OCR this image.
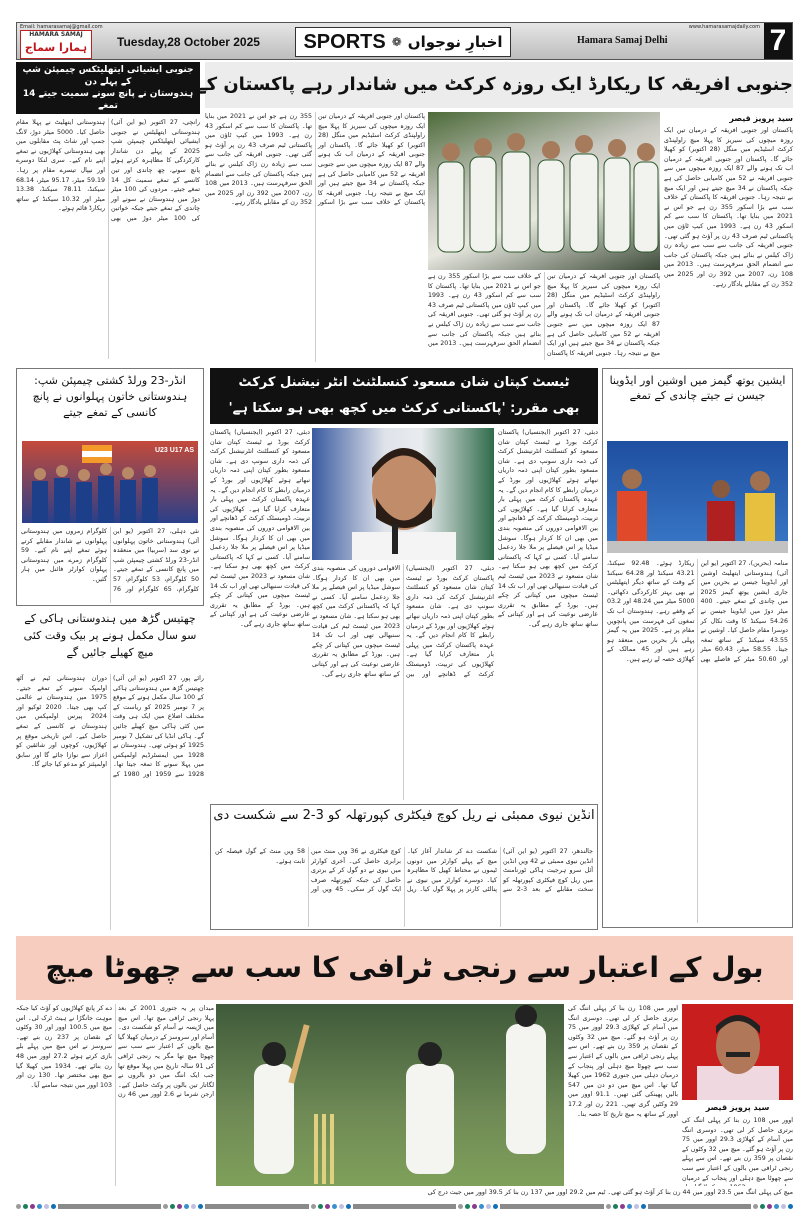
Email: hamarasamaj@gmail.com	www.hamarasamajdaily.com
HAMARA SAMAJ
ہمارا سماج	Tuesday,28 October 2025 SPORTS ❁ اخبارِ نوجواں	Hamara Samaj Delhi	7
جنوبی ایشیائی ایتھلیٹکس چیمپئن شپ کے پہلے دن
ہندوستان نے پانچ سونے سمیت جیتے 14 تمغے
رانچی، 27 اکتوبر (یو این آئی) ہندوستانی ایتھلیٹس نے جنوبی ایشیائی ایتھلیٹکس چیمپئن شپ 2025 کے پہلے دن شاندار کارکردگی کا مظاہرہ کرتے ہوئے پانچ سونے، چھ چاندی اور تین کانسے کے تمغے سمیت کل 14 تمغے جیتے۔ مردوں کی 100 میٹر دوڑ میں ہندوستان نے سونے اور چاندی کے تمغے جیتے جبکہ خواتین کی 100 میٹر دوڑ میں بھی ہندوستانی ایتھلیٹ نے پہلا مقام حاصل کیا۔ 5000 میٹر دوڑ، لانگ جمپ اور شاٹ پٹ مقابلوں میں بھی ہندوستانی کھلاڑیوں نے تمغے اپنے نام کیے۔ سری لنکا دوسرے اور نیپال تیسرے مقام پر رہا۔ 59.19 میٹر، 95.17 میٹر، 68.14 سیکنڈ، 78.11 سیکنڈ، 13.38 میٹر اور 10.32 سیکنڈ کے ساتھ ریکارڈ قائم ہوئے۔
جنوبی افریقہ کا ریکارڈ ایک روزہ کرکٹ میں شاندار رہے پاکستان کے خلاف
پاکستان اور جنوبی افریقہ کے درمیان تین ایک روزہ میچوں کی سیریز کا پہلا میچ راولپنڈی کرکٹ اسٹیڈیم میں منگل (28 اکتوبر) کو کھیلا جائے گا۔ پاکستان اور جنوبی افریقہ کے درمیان اب تک ہونے والے 87 ایک روزہ میچوں میں سے جنوبی افریقہ نے 52 میں کامیابی حاصل کی ہے جبکہ پاکستان نے 34 میچ جیتے ہیں اور ایک میچ بے نتیجہ رہا۔ جنوبی افریقہ کا پاکستان کے خلاف سب سے بڑا اسکور 355 رن ہے جو اس نے 2021 میں بنایا تھا۔ پاکستان کا سب سے کم اسکور 43 رن ہے۔ 1993 میں کیپ ٹاؤن میں پاکستانی ٹیم صرف 43 رن پر آؤٹ ہو گئی تھی۔ جنوبی افریقہ کی جانب سے سب سے زیادہ رن ژاک کیلس نے بنائے ہیں جبکہ پاکستان کی جانب سے انضمام الحق سرفہرست ہیں۔ 2013 میں 108 رن، 2007 میں 392 رن اور 2025 میں 352 رن کے مقابلے یادگار رہے۔
پاکستان اور جنوبی افریقہ کے درمیان تین ایک روزہ میچوں کی سیریز کا پہلا میچ راولپنڈی کرکٹ اسٹیڈیم میں منگل (28 اکتوبر) کو کھیلا جائے گا۔ پاکستان اور جنوبی افریقہ کے درمیان اب تک ہونے والے 87 ایک روزہ میچوں میں سے جنوبی افریقہ نے 52 میں کامیابی حاصل کی ہے جبکہ پاکستان نے 34 میچ جیتے ہیں اور ایک میچ بے نتیجہ رہا۔ جنوبی افریقہ کا پاکستان کے خلاف سب سے بڑا اسکور 355 رن ہے جو اس نے 2021 میں بنایا تھا۔ پاکستان کا سب سے کم اسکور 43 رن ہے۔ 1993 میں کیپ ٹاؤن میں پاکستانی ٹیم صرف 43 رن پر آؤٹ ہو گئی تھی۔ جنوبی افریقہ کی جانب سے سب سے زیادہ رن ژاک کیلس نے بنائے ہیں جبکہ پاکستان کی جانب سے انضمام الحق سرفہرست ہیں۔ 2013 میں
سید پرویز قیصر
پاکستان اور جنوبی افریقہ کے درمیان تین ایک روزہ میچوں کی سیریز کا پہلا میچ راولپنڈی کرکٹ اسٹیڈیم میں منگل (28 اکتوبر) کو کھیلا جائے گا۔ پاکستان اور جنوبی افریقہ کے درمیان اب تک ہونے والے 87 ایک روزہ میچوں میں سے جنوبی افریقہ نے 52 میں کامیابی حاصل کی ہے جبکہ پاکستان نے 34 میچ جیتے ہیں اور ایک میچ بے نتیجہ رہا۔ جنوبی افریقہ کا پاکستان کے خلاف سب سے بڑا اسکور 355 رن ہے جو اس نے 2021 میں بنایا تھا۔ پاکستان کا سب سے کم اسکور 43 رن ہے۔ 1993 میں کیپ ٹاؤن میں پاکستانی ٹیم صرف 43 رن پر آؤٹ ہو گئی تھی۔ جنوبی افریقہ کی جانب سے سب سے زیادہ رن ژاک کیلس نے بنائے ہیں جبکہ پاکستان کی جانب سے انضمام الحق سرفہرست ہیں۔ 2013 میں 108 رن، 2007 میں 392 رن اور 2025 میں 352 رن کے مقابلے یادگار رہے۔
انڈر-23 ورلڈ کشتی چیمپئن شپ: ہندوستانی خاتون پہلوانوں نے پانچ کانسی کے تمغے جیتے
U23 U17 AS
نئی دہلی، 27 اکتوبر (یو این آئی) ہندوستانی خاتون پہلوانوں نے نوی سد (سربیا) میں منعقدہ انڈر-23 ورلڈ کشتی چیمپئن شپ میں پانچ کانسی کے تمغے جیتے۔ 50 کلوگرام، 53 کلوگرام، 57 کلوگرام، 65 کلوگرام اور 76 کلوگرام زمروں میں ہندوستانی پہلوانوں نے شاندار مقابلے کرتے ہوئے تمغے اپنے نام کیے۔ 59 کلوگرام زمرے میں ہندوستانی پہلوان کوارٹر فائنل میں ہار گئیں۔
چھتیس گڑھ میں ہندوستانی ہاکی کے سو سال مکمل ہونے پر بیک وقت کئی میچ کھیلے جائیں گے
رائے پور، 27 اکتوبر (یو این آئی) چھتیس گڑھ میں ہندوستانی ہاکی کے 100 سال مکمل ہونے کے موقع پر 7 نومبر 2025 کو ریاست کے مختلف اضلاع میں ایک ہی وقت میں کئی ہاکی میچ کھیلے جائیں گے۔ ہاکی انڈیا کی تشکیل 7 نومبر 1925 کو ہوئی تھی۔ ہندوستان نے 1928 میں ایمسٹرڈیم اولمپکس میں پہلا سونے کا تمغہ جیتا تھا۔ 1928 سے 1959 اور 1980 کے دوران ہندوستانی ٹیم نے آٹھ اولمپک سونے کے تمغے جیتے۔ 1975 میں ہندوستان نے عالمی کپ بھی جیتا۔ 2020 ٹوکیو اور 2024 پیرس اولمپکس میں ہندوستان نے کانسی کے تمغے حاصل کیے۔ اس تاریخی موقع پر کھلاڑیوں، کوچوں اور شائقین کو اعزاز سے نوازا جائے گا اور سابق اولمپئنز کو مدعو کیا جائے گا۔
ٹیسٹ کپتان شان مسعود کنسلٹنٹ انٹر نیشنل کرکٹ
بھی مقرر: 'پاکستانی کرکٹ میں کچھ بھی ہو سکتا ہے'
دبئی، 27 اکتوبر (ایجنسیاں) پاکستان کرکٹ بورڈ نے ٹیسٹ کپتان شان مسعود کو کنسلٹنٹ انٹرنیشنل کرکٹ کی ذمہ داری سونپ دی ہے۔ شان مسعود بطور کپتان اپنی ذمہ داریاں نبھاتے ہوئے کھلاڑیوں اور بورڈ کے درمیان رابطے کا کام انجام دیں گے۔ یہ عہدہ پاکستان کرکٹ میں پہلی بار متعارف کرایا گیا ہے۔ کھلاڑیوں کی تربیت، ڈومیسٹک کرکٹ کے ڈھانچے اور بین الاقوامی دوروں کی منصوبہ بندی میں بھی ان کا کردار ہوگا۔ سوشل میڈیا پر اس فیصلے پر ملا جلا ردعمل سامنے آیا۔ کسی نے کہا کہ پاکستانی کرکٹ میں کچھ بھی ہو سکتا ہے۔ شان مسعود نے 2023 میں ٹیسٹ ٹیم کی قیادت سنبھالی تھی اور اب تک 14 ٹیسٹ میچوں میں کپتانی کر چکے ہیں۔ بورڈ کے مطابق یہ تقرری عارضی نوعیت کی ہے اور کپتانی کے ساتھ ساتھ جاری رہے گی۔
دبئی، 27 اکتوبر (ایجنسیاں) پاکستان کرکٹ بورڈ نے ٹیسٹ کپتان شان مسعود کو کنسلٹنٹ انٹرنیشنل کرکٹ کی ذمہ داری سونپ دی ہے۔ شان مسعود بطور کپتان اپنی ذمہ داریاں نبھاتے ہوئے کھلاڑیوں اور بورڈ کے درمیان رابطے کا کام انجام دیں گے۔ یہ عہدہ پاکستان کرکٹ میں پہلی بار متعارف کرایا گیا ہے۔ کھلاڑیوں کی تربیت، ڈومیسٹک کرکٹ کے ڈھانچے اور بین الاقوامی دوروں کی منصوبہ بندی میں بھی ان کا کردار ہوگا۔ سوشل میڈیا پر اس فیصلے پر ملا جلا ردعمل سامنے آیا۔ کسی نے کہا کہ پاکستانی کرکٹ میں کچھ بھی ہو سکتا ہے۔ شان مسعود نے 2023 میں ٹیسٹ ٹیم کی قیادت سنبھالی تھی اور اب تک 14 ٹیسٹ میچوں میں کپتانی کر چکے ہیں۔ بورڈ کے مطابق یہ تقرری عارضی نوعیت کی ہے اور کپتانی کے ساتھ ساتھ جاری رہے گی۔
دبئی، 27 اکتوبر (ایجنسیاں) پاکستان کرکٹ بورڈ نے ٹیسٹ کپتان شان مسعود کو کنسلٹنٹ انٹرنیشنل کرکٹ کی ذمہ داری سونپ دی ہے۔ شان مسعود بطور کپتان اپنی ذمہ داریاں نبھاتے ہوئے کھلاڑیوں اور بورڈ کے درمیان رابطے کا کام انجام دیں گے۔ یہ عہدہ پاکستان کرکٹ میں پہلی بار متعارف کرایا گیا ہے۔ کھلاڑیوں کی تربیت، ڈومیسٹک کرکٹ کے ڈھانچے اور بین الاقوامی دوروں کی منصوبہ بندی میں بھی ان کا کردار ہوگا۔ سوشل میڈیا پر اس فیصلے پر ملا جلا ردعمل سامنے آیا۔ کسی نے کہا کہ پاکستانی کرکٹ میں کچھ بھی ہو سکتا ہے۔ شان مسعود نے 2023 میں ٹیسٹ ٹیم کی قیادت سنبھالی تھی اور اب تک 14 ٹیسٹ میچوں میں کپتانی کر چکے ہیں۔ بورڈ کے مطابق یہ تقرری عارضی نوعیت کی ہے اور کپتانی کے ساتھ ساتھ جاری رہے گی۔
انڈین نیوی ممبئی نے ریل کوچ فیکٹری کپورتھلہ کو 3-2 سے شکست دی
جالندھر، 27 اکتوبر (یو این آئی) انڈین نیوی ممبئی نے 42 ویں انڈین آئل سرو ہرجیت ہاکی ٹورنامنٹ میں ریل کوچ فیکٹری کپورتھلہ کو سخت مقابلے کے بعد 3-2 سے شکست دے کر شاندار آغاز کیا۔ میچ کے پہلے کوارٹر میں دونوں ٹیموں نے محتاط کھیل کا مظاہرہ کیا۔ دوسرے کوارٹر میں نیوی نے پنالٹی کارنر پر پہلا گول کیا۔ ریل کوچ فیکٹری نے 36 ویں منٹ میں برابری حاصل کی۔ آخری کوارٹر میں نیوی نے دو گول کر کے برتری حاصل کی جبکہ کپورتھلہ صرف ایک گول کر سکی۔ 45 ویں اور 58 ویں منٹ کے گول فیصلہ کن ثابت ہوئے۔
ایشین یوتھ گیمز میں اوشین اور ایڈوینا
جیسن نے جیتے چاندی کے تمغے
منامہ (بحرین)، 27 اکتوبر (یو این آئی) ہندوستانی ایتھلیٹ اوشین اور ایڈوینا جیسن نے بحرین میں جاری ایشین یوتھ گیمز 2025 میں چاندی کے تمغے جیتے۔ 400 میٹر دوڑ میں ایڈوینا جیسن نے 54.26 سیکنڈ کا وقت نکال کر دوسرا مقام حاصل کیا۔ اوشین نے 43.55 سیکنڈ کے ساتھ تمغہ جیتا۔ 58.55 میٹر، 60.43 میٹر اور 50.60 میٹر کے فاصلے بھی ریکارڈ ہوئے۔ 92.48 سیکنڈ، 43.21 سیکنڈ اور 64.28 سیکنڈ کے وقت کے ساتھ دیگر ایتھلیٹس نے بھی بہتر کارکردگی دکھائی۔ 5000 میٹر میں 48.24 اور 03.2 کے وقفے رہے۔ ہندوستان اب تک تمغوں کی فہرست میں پانچویں مقام پر ہے۔ 2025 میں یہ گیمز پہلی بار بحرین میں منعقد ہو رہے ہیں اور 45 ممالک کے کھلاڑی حصہ لے رہے ہیں۔
بول کے اعتبار سے رنجی ٹرافی کا سب سے چھوٹا میچ
میدان پر یہ جنوری 2001 کے بعد پہلا رنجی ٹرافی میچ تھا۔ اس میچ میں اڑیسہ نے آسام کو شکست دی۔ آسام اور سروسز کے درمیان کھیلا گیا میچ بالوں کے اعتبار سے سب سے چھوٹا میچ تھا مگر یہ رنجی ٹرافی کی 91 سالہ تاریخ میں پہلا موقع تھا جب ایک اننگ میں دو بالروں نے لگاتار تین بالوں پر وکٹ حاصل کیے۔ ارجن شرما نے 2.6 اوور میں 46 رن دے کر پانچ کھلاڑیوں کو آؤٹ کیا جبکہ موہت جانگڑا نے ہیٹ ٹرک لی۔ اس میچ میں 100.5 اوور اور 30 وکٹوں کے نقصان پر 237 رن بنے تھے۔ سروسز نے اس میچ میں پہلے بلے بازی کرتے ہوئے 27.2 اوور میں 48 رن بنائے تھے۔ 1934 میں کھیلا گیا میچ بھی مختصر تھا۔ 130 رن اور 103 اوور میں نتیجہ سامنے آیا۔
اوور میں 108 رن بنا کر پہلی اننگ کی برتری حاصل کر لی تھی۔ دوسری اننگ میں آسام کے کھلاڑی 29.3 اوور میں 75 رن پر آؤٹ ہو گئے۔ میچ میں 32 وکٹوں کے نقصان پر 359 رن بنے تھے۔ اس سے پہلے رنجی ٹرافی میں بالوں کے اعتبار سے سب سے چھوٹا میچ دہلی اور پنجاب کے درمیان دہلی میں جنوری 1962 میں کھیلا گیا تھا۔ اس میچ میں دو دن میں 547 بالیں پھینکی گئی تھیں۔ 91.1 اوور میں 29 وکٹیں گری تھیں۔ 221 رن اور 17.2 اوور کے ساتھ یہ میچ تاریخ کا حصہ بنا۔
سید پرویز قیصر
اوور میں 108 رن بنا کر پہلی اننگ کی برتری حاصل کر لی تھی۔ دوسری اننگ میں آسام کے کھلاڑی 29.3 اوور میں 75 رن پر آؤٹ ہو گئے۔ میچ میں 32 وکٹوں کے نقصان پر 359 رن بنے تھے۔ اس سے پہلے رنجی ٹرافی میں بالوں کے اعتبار سے سب سے چھوٹا میچ دہلی اور پنجاب کے درمیان
میچ کی پہلی اننگ میں 23.5 اوور میں 44 رن بنا کر آؤٹ ہو گئی تھی۔ ٹیم میں 29.2 اوور میں 137 رن بنا کر 39.5 اوور میں جیت درج کی
